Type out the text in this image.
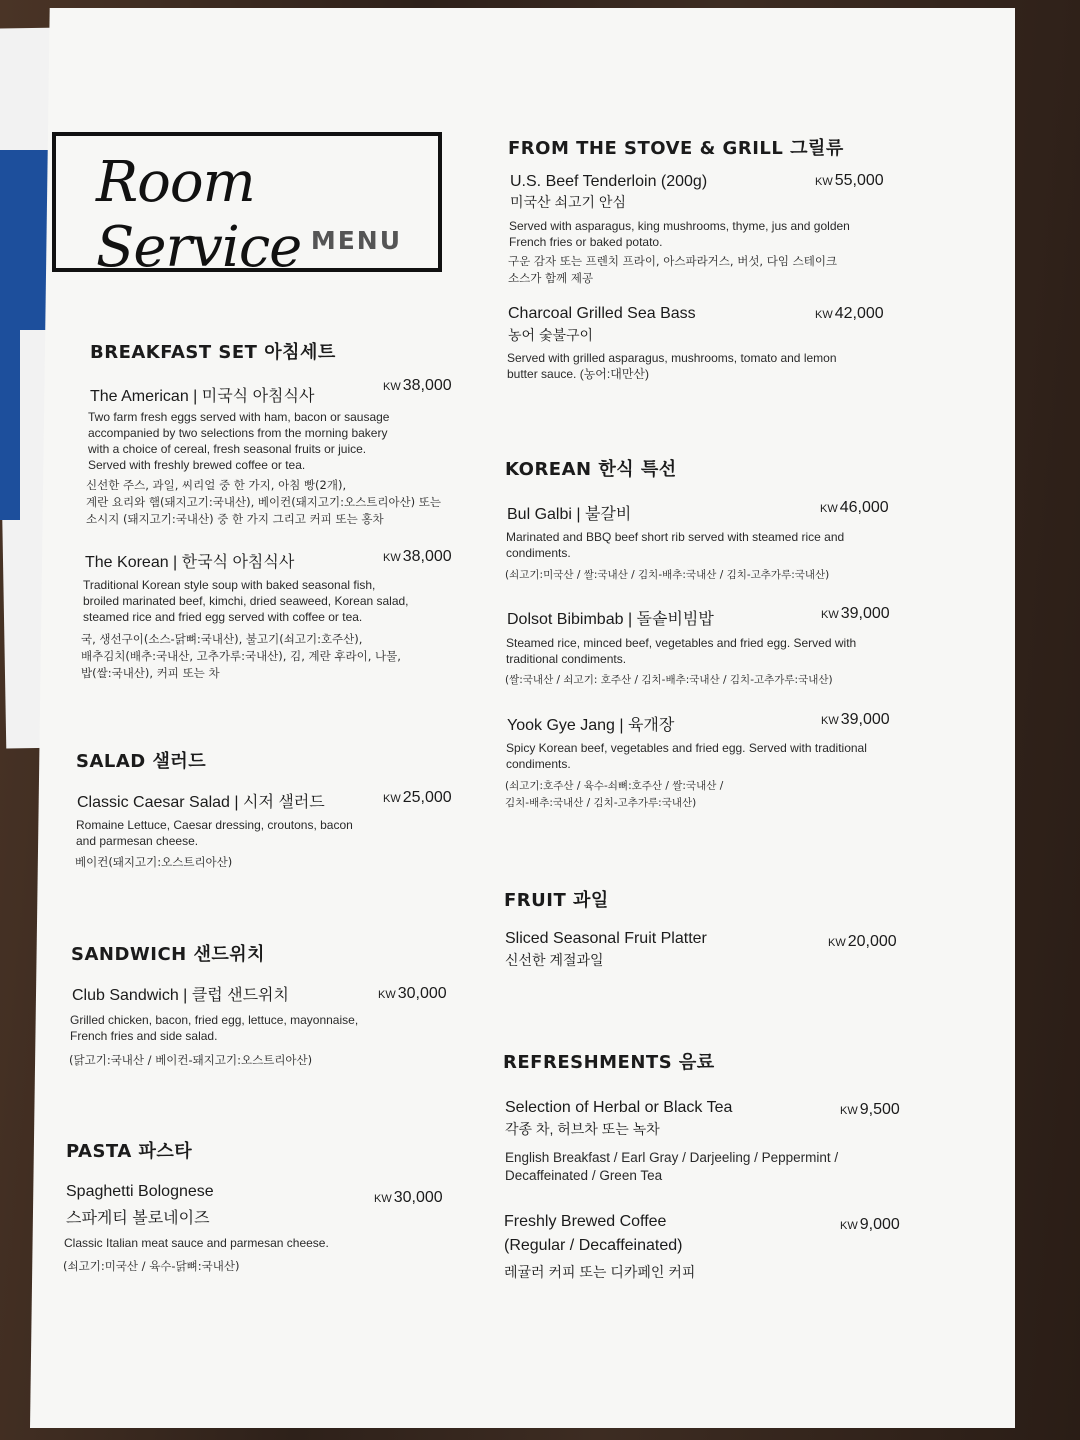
Room Service MENU
BREAKFAST SET 아침세트
The American | 미국식 아침식사
KW 38,000
Two farm fresh eggs served with ham, bacon or sausage
accompanied by two selections from the morning bakery
with a choice of cereal, fresh seasonal fruits or juice.
Served with freshly brewed coffee or tea.
신선한 주스, 과일, 씨리얼 중 한 가지, 아침 빵(2개),
계란 요리와 햄(돼지고기:국내산), 베이컨(돼지고기:오스트리아산) 또는
소시지 (돼지고기:국내산) 중 한 가지 그리고 커피 또는 홍차
The Korean | 한국식 아침식사	KW 38,000
Traditional Korean style soup with baked seasonal fish,
broiled marinated beef, kimchi, dried seaweed, Korean salad,
steamed rice and fried egg served with coffee or tea.
국, 생선구이(소스-닭뼈:국내산), 불고기(쇠고기:호주산),
배추김치(배추:국내산, 고추가루:국내산), 김, 계란 후라이, 나물,
밥(쌀:국내산), 커피 또는 차
SALAD 샐러드
Classic Caesar Salad | 시저 샐러드	KW 25,000
Romaine Lettuce, Caesar dressing, croutons, bacon
and parmesan cheese.
베이컨(돼지고기:오스트리아산)
SANDWICH 샌드위치
Club Sandwich | 클럽 샌드위치	KW 30,000
Grilled chicken, bacon, fried egg, lettuce, mayonnaise,
French fries and side salad.
(닭고기:국내산 / 베이컨-돼지고기:오스트리아산)
PASTA 파스타
Spaghetti Bolognese
스파게티 볼로네이즈
KW 30,000
Classic Italian meat sauce and parmesan cheese.
(쇠고기:미국산 / 육수-닭뼈:국내산)
FROM THE STOVE & GRILL 그릴류
U.S. Beef Tenderloin (200g)
미국산 쇠고기 안심
KW 55,000
Served with asparagus, king mushrooms, thyme, jus and golden
French fries or baked potato.
구운 감자 또는 프렌치 프라이, 아스파라거스, 버섯, 다임 스테이크
소스가 함께 제공
Charcoal Grilled Sea Bass
농어 숯불구이
KW 42,000
Served with grilled asparagus, mushrooms, tomato and lemon
butter sauce. (농어:대만산)
KOREAN 한식 특선
Bul Galbi | 불갈비	KW 46,000
Marinated and BBQ beef short rib served with steamed rice and
condiments.
(쇠고기:미국산 / 쌀:국내산 / 김치-배추:국내산 / 김치-고추가루:국내산)
Dolsot Bibimbab | 돌솥비빔밥	KW 39,000
Steamed rice, minced beef, vegetables and fried egg. Served with
traditional condiments.
(쌀:국내산 / 쇠고기: 호주산 / 김치-배추:국내산 / 김치-고추가루:국내산)
Yook Gye Jang | 육개장	KW 39,000
Spicy Korean beef, vegetables and fried egg. Served with traditional
condiments.
(쇠고기:호주산 / 육수-쇠뼈:호주산 / 쌀:국내산 /
김치-배추:국내산 / 김치-고추가루:국내산)
FRUIT 과일
Sliced Seasonal Fruit Platter
신선한 계절과일
KW 20,000
REFRESHMENTS 음료
Selection of Herbal or Black Tea
각종 차, 허브차 또는 녹차
KW 9,500
English Breakfast / Earl Gray / Darjeeling / Peppermint /
Decaffeinated / Green Tea
Freshly Brewed Coffee
(Regular / Decaffeinated)
레귤러 커피 또는 디카페인 커피
KW 9,000
